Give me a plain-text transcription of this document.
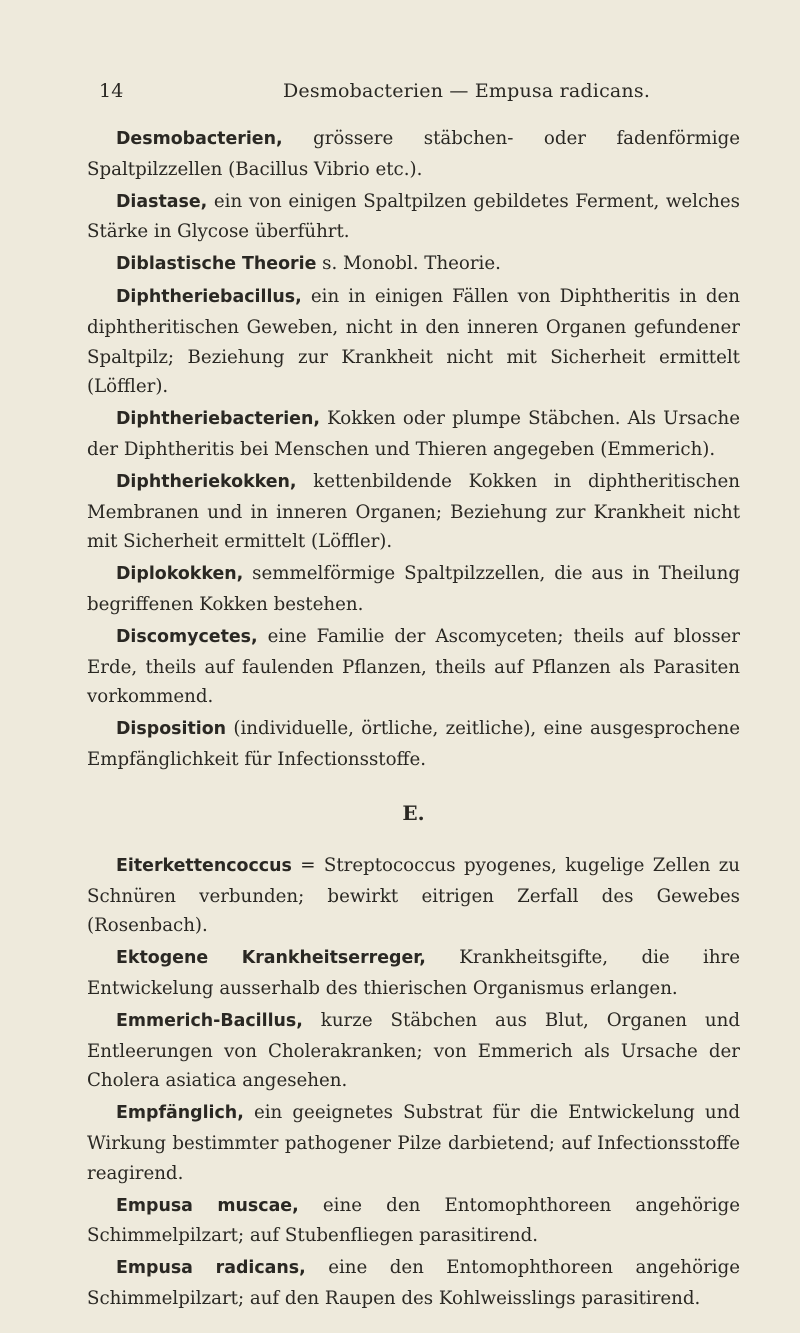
14	Desmobacterien — Empusa radicans.

Desmobacterien, grössere stäbchen- oder fadenförmige Spaltpilzzellen (Bacillus Vibrio etc.).

Diastase, ein von einigen Spaltpilzen gebildetes Ferment, welches Stärke in Glycose überführt.

Diblastische Theorie s. Monobl. Theorie.

Diphtheriebacillus, ein in einigen Fällen von Diphtheritis in den diphtheritischen Geweben, nicht in den inneren Organen gefundener Spaltpilz; Beziehung zur Krankheit nicht mit Sicherheit ermittelt (Löffler).

Diphtheriebacterien, Kokken oder plumpe Stäbchen. Als Ursache der Diphtheritis bei Menschen und Thieren angegeben (Emmerich).

Diphtheriekokken, kettenbildende Kokken in diphtheritischen Membranen und in inneren Organen; Beziehung zur Krankheit nicht mit Sicherheit ermittelt (Löffler).

Diplokokken, semmelförmige Spaltpilzzellen, die aus in Theilung begriffenen Kokken bestehen.

Discomycetes, eine Familie der Ascomyceten; theils auf blosser Erde, theils auf faulenden Pflanzen, theils auf Pflanzen als Parasiten vorkommend.

Disposition (individuelle, örtliche, zeitliche), eine ausgesprochene Empfänglichkeit für Infectionsstoffe.

E.

Eiterkettencoccus = Streptococcus pyogenes, kugelige Zellen zu Schnüren verbunden; bewirkt eitrigen Zerfall des Gewebes (Rosenbach).

Ektogene Krankheitserreger, Krankheitsgifte, die ihre Entwickelung ausserhalb des thierischen Organismus erlangen.

Emmerich-Bacillus, kurze Stäbchen aus Blut, Organen und Entleerungen von Cholerakranken; von Emmerich als Ursache der Cholera asiatica angesehen.

Empfänglich, ein geeignetes Substrat für die Entwickelung und Wirkung bestimmter pathogener Pilze darbietend; auf Infectionsstoffe reagirend.

Empusa muscae, eine den Entomophthoreen angehörige Schimmelpilzart; auf Stubenfliegen parasitirend.

Empusa radicans, eine den Entomophthoreen angehörige Schimmelpilzart; auf den Raupen des Kohlweisslings parasitirend.
